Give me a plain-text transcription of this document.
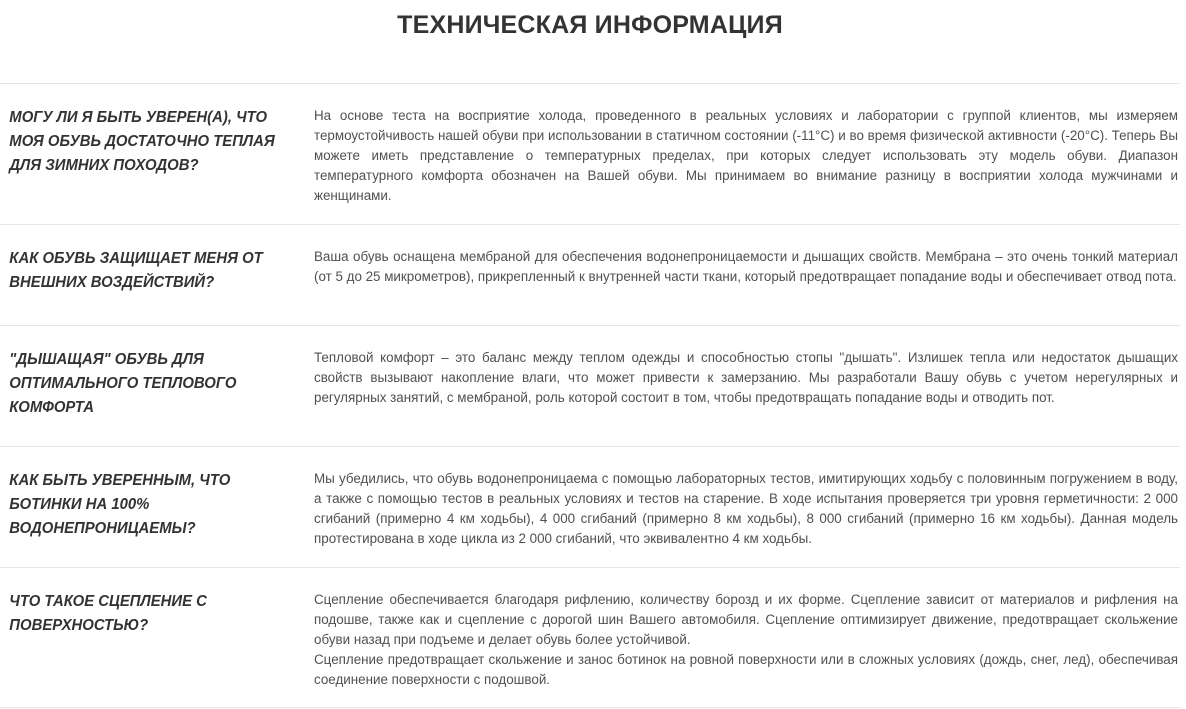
ТЕХНИЧЕСКАЯ ИНФОРМАЦИЯ
МОГУ ЛИ Я БЫТЬ УВЕРЕН(А), ЧТО МОЯ ОБУВЬ ДОСТАТОЧНО ТЕПЛАЯ ДЛЯ ЗИМНИХ ПОХОДОВ?

На основе теста на восприятие холода, проведенного в реальных условиях и лаборатории с группой клиентов, мы измеряем термоустойчивость нашей обуви при использовании в статичном состоянии (-11°C) и во время физической активности (-20°C). Теперь Вы можете иметь представление о температурных пределах, при которых следует использовать эту модель обуви. Диапазон температурного комфорта обозначен на Вашей обуви. Мы принимаем во внимание разницу в восприятии холода мужчинами и женщинами.

КАК ОБУВЬ ЗАЩИЩАЕТ МЕНЯ ОТ ВНЕШНИХ ВОЗДЕЙСТВИЙ?

Ваша обувь оснащена мембраной для обеспечения водонепроницаемости и дышащих свойств. Мембрана – это очень тонкий материал (от 5 до 25 микрометров), прикрепленный к внутренней части ткани, который предотвращает попадание воды и обеспечивает отвод пота.

"ДЫШАЩАЯ" ОБУВЬ ДЛЯ ОПТИМАЛЬНОГО ТЕПЛОВОГО КОМФОРТА

Тепловой комфорт – это баланс между теплом одежды и способностью стопы "дышать". Излишек тепла или недостаток дышащих свойств вызывают накопление влаги, что может привести к замерзанию. Мы разработали Вашу обувь с учетом нерегулярных и регулярных занятий, с мембраной, роль которой состоит в том, чтобы предотвращать попадание воды и отводить пот.

КАК БЫТЬ УВЕРЕННЫМ, ЧТО БОТИНКИ НА 100% ВОДОНЕПРОНИЦАЕМЫ?

Мы убедились, что обувь водонепроницаема с помощью лабораторных тестов, имитирующих ходьбу с половинным погружением в воду, а также с помощью тестов в реальных условиях и тестов на старение. В ходе испытания проверяется три уровня герметичности: 2 000 сгибаний (примерно 4 км ходьбы), 4 000 сгибаний (примерно 8 км ходьбы), 8 000 сгибаний (примерно 16 км ходьбы). Данная модель протестирована в ходе цикла из 2 000 сгибаний, что эквивалентно 4 км ходьбы.

ЧТО ТАКОЕ СЦЕПЛЕНИЕ С ПОВЕРХНОСТЬЮ?

Сцепление обеспечивается благодаря рифлению, количеству борозд и их форме. Сцепление зависит от материалов и рифления на подошве, также как и сцепление с дорогой шин Вашего автомобиля. Сцепление оптимизирует движение, предотвращает скольжение обуви назад при подъеме и делает обувь более устойчивой.

Сцепление предотвращает скольжение и занос ботинок на ровной поверхности или в сложных условиях (дождь, снег, лед), обеспечивая соединение поверхности с подошвой.
